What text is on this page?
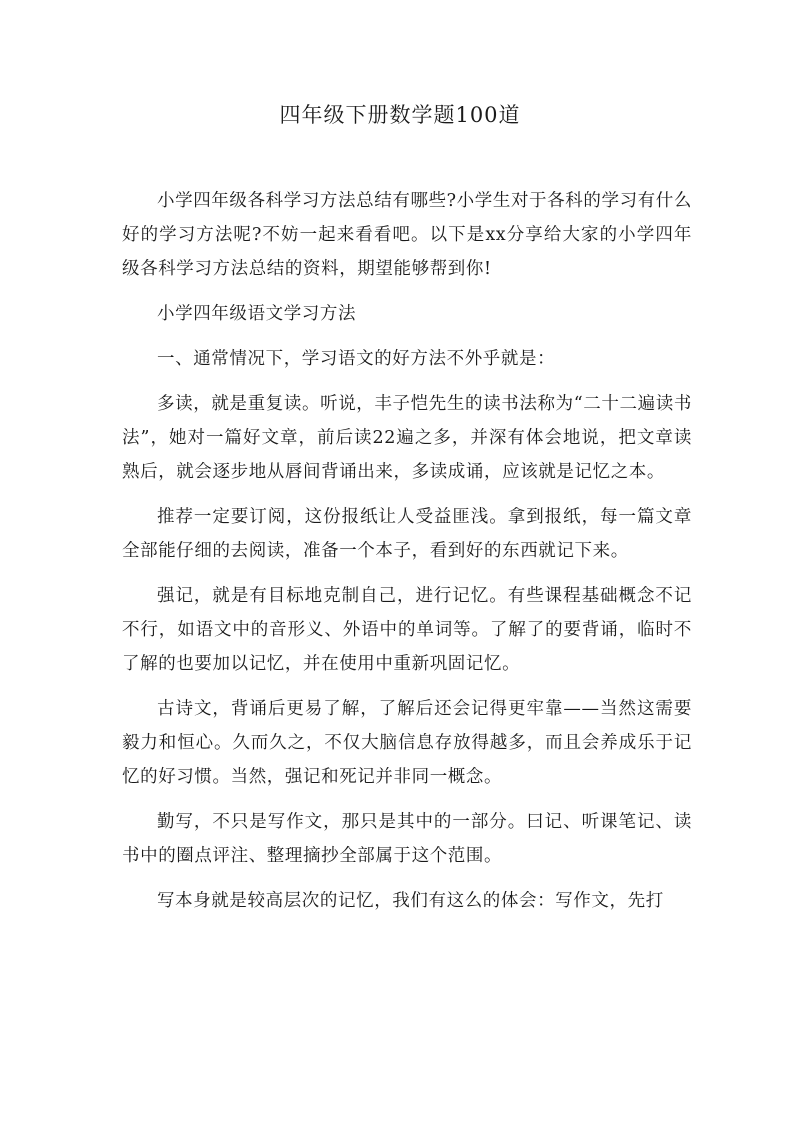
四年级下册数学题100道

小学四年级各科学习方法总结有哪些?小学生对于各科的学习有什么好的学习方法呢?不妨一起来看看吧。以下是xx分享给大家的小学四年级各科学习方法总结的资料，期望能够帮到你!

小学四年级语文学习方法

一、通常情况下，学习语文的好方法不外乎就是：

多读，就是重复读。听说，丰子恺先生的读书法称为“二十二遍读书法”，她对一篇好文章，前后读22遍之多，并深有体会地说，把文章读熟后，就会逐步地从唇间背诵出来，多读成诵，应该就是记忆之本。

推荐一定要订阅，这份报纸让人受益匪浅。拿到报纸，每一篇文章全部能仔细的去阅读，准备一个本子，看到好的东西就记下来。

强记，就是有目标地克制自己，进行记忆。有些课程基础概念不记不行，如语文中的音形义、外语中的单词等。了解了的要背诵，临时不了解的也要加以记忆，并在使用中重新巩固记忆。

古诗文，背诵后更易了解，了解后还会记得更牢靠——当然这需要毅力和恒心。久而久之，不仅大脑信息存放得越多，而且会养成乐于记忆的好习惯。当然，强记和死记并非同一概念。

勤写，不只是写作文，那只是其中的一部分。曰记、听课笔记、读书中的圈点评注、整理摘抄全部属于这个范围。

写本身就是较高层次的记忆，我们有这么的体会：写作文，先打
